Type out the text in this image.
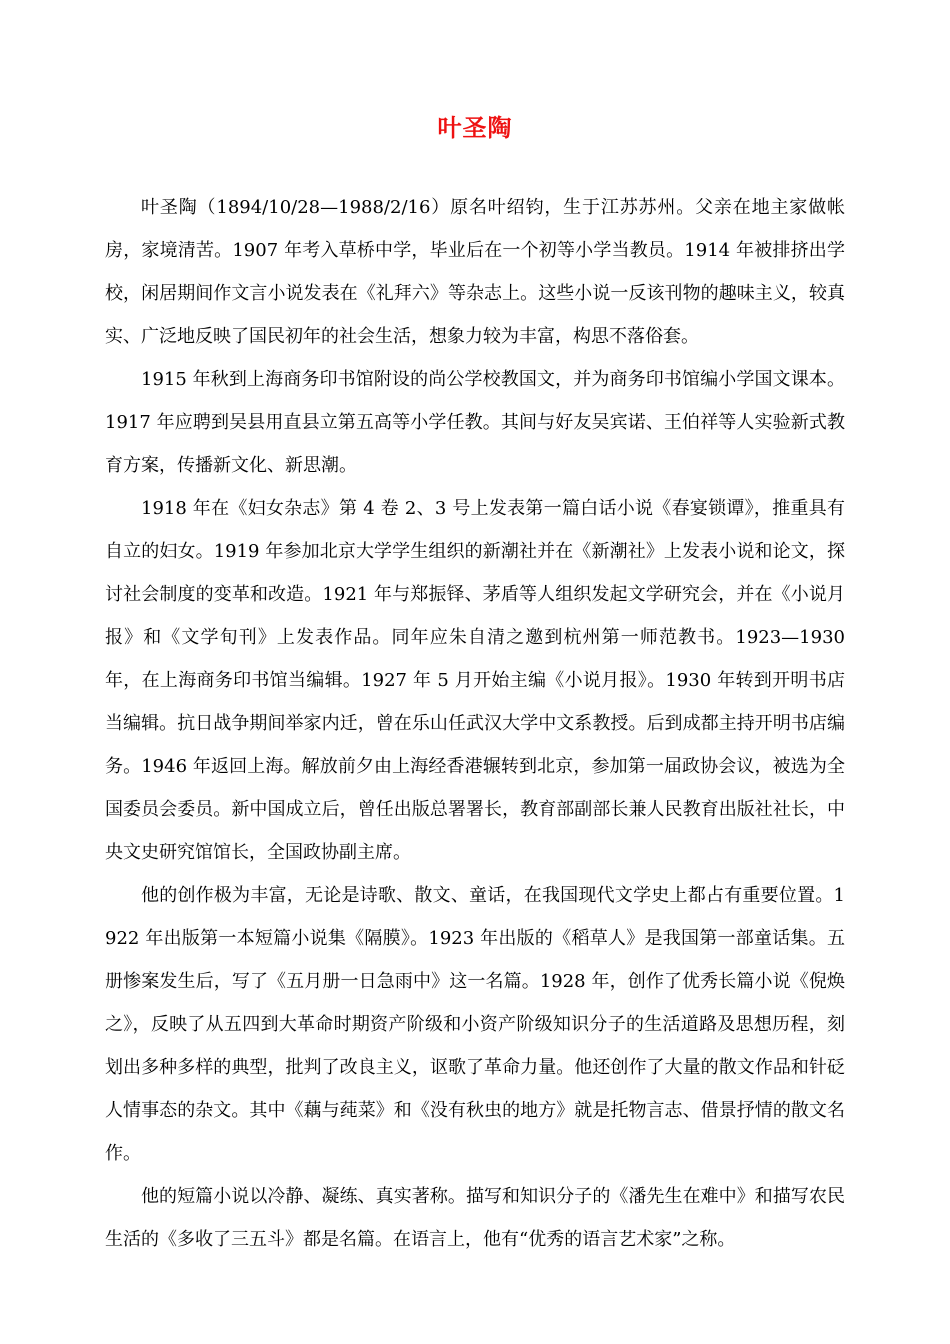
叶圣陶

叶圣陶（1894/10/28—1988/2/16）原名叶绍钧，生于江苏苏州。父亲在地主家做帐房，家境清苦。1907 年考入草桥中学，毕业后在一个初等小学当教员。1914 年被排挤出学校，闲居期间作文言小说发表在《礼拜六》等杂志上。这些小说一反该刊物的趣味主义，较真实、广泛地反映了国民初年的社会生活，想象力较为丰富，构思不落俗套。

1915 年秋到上海商务印书馆附设的尚公学校教国文，并为商务印书馆编小学国文课本。1917 年应聘到吴县用直县立第五高等小学任教。其间与好友吴宾诺、王伯祥等人实验新式教育方案，传播新文化、新思潮。

1918 年在《妇女杂志》第 4 卷 2、3 号上发表第一篇白话小说《春宴锁谭》，推重具有自立的妇女。1919 年参加北京大学学生组织的新潮社并在《新潮社》上发表小说和论文，探讨社会制度的变革和改造。1921 年与郑振铎、茅盾等人组织发起文学研究会，并在《小说月报》和《文学旬刊》上发表作品。同年应朱自清之邀到杭州第一师范教书。1923—1930 年，在上海商务印书馆当编辑。1927 年 5 月开始主编《小说月报》。1930 年转到开明书店当编辑。抗日战争期间举家内迁，曾在乐山任武汉大学中文系教授。后到成都主持开明书店编务。1946 年返回上海。解放前夕由上海经香港辗转到北京，参加第一届政协会议，被选为全国委员会委员。新中国成立后，曾任出版总署署长，教育部副部长兼人民教育出版社社长，中央文史研究馆馆长，全国政协副主席。

他的创作极为丰富，无论是诗歌、散文、童话，在我国现代文学史上都占有重要位置。1922 年出版第一本短篇小说集《隔膜》。1923 年出版的《稻草人》是我国第一部童话集。五册惨案发生后，写了《五月册一日急雨中》这一名篇。1928 年，创作了优秀长篇小说《倪焕之》，反映了从五四到大革命时期资产阶级和小资产阶级知识分子的生活道路及思想历程，刻划出多种多样的典型，批判了改良主义，讴歌了革命力量。他还创作了大量的散文作品和针砭人情事态的杂文。其中《藕与莼菜》和《没有秋虫的地方》就是托物言志、借景抒情的散文名作。

他的短篇小说以冷静、凝练、真实著称。描写和知识分子的《潘先生在难中》和描写农民生活的《多收了三五斗》都是名篇。在语言上，他有“优秀的语言艺术家”之称。
